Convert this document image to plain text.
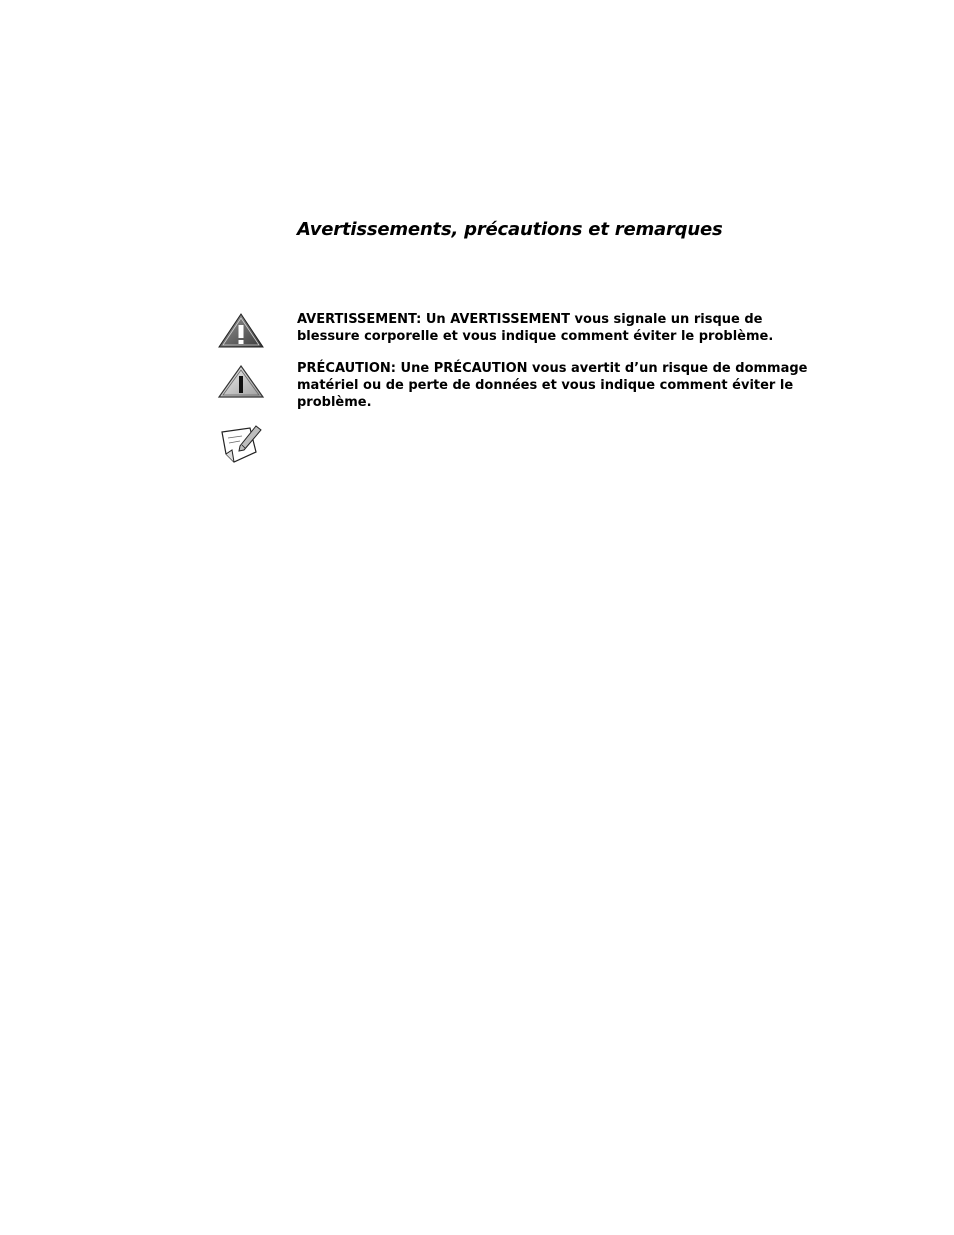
Avertissements, précautions et remarques

AVERTISSEMENT: Un AVERTISSEMENT vous signale un risque de blessure corporelle et vous indique comment éviter le problème.

PRÉCAUTION: Une PRÉCAUTION vous avertit d’un risque de dommage matériel ou de perte de données et vous indique comment éviter le problème.
